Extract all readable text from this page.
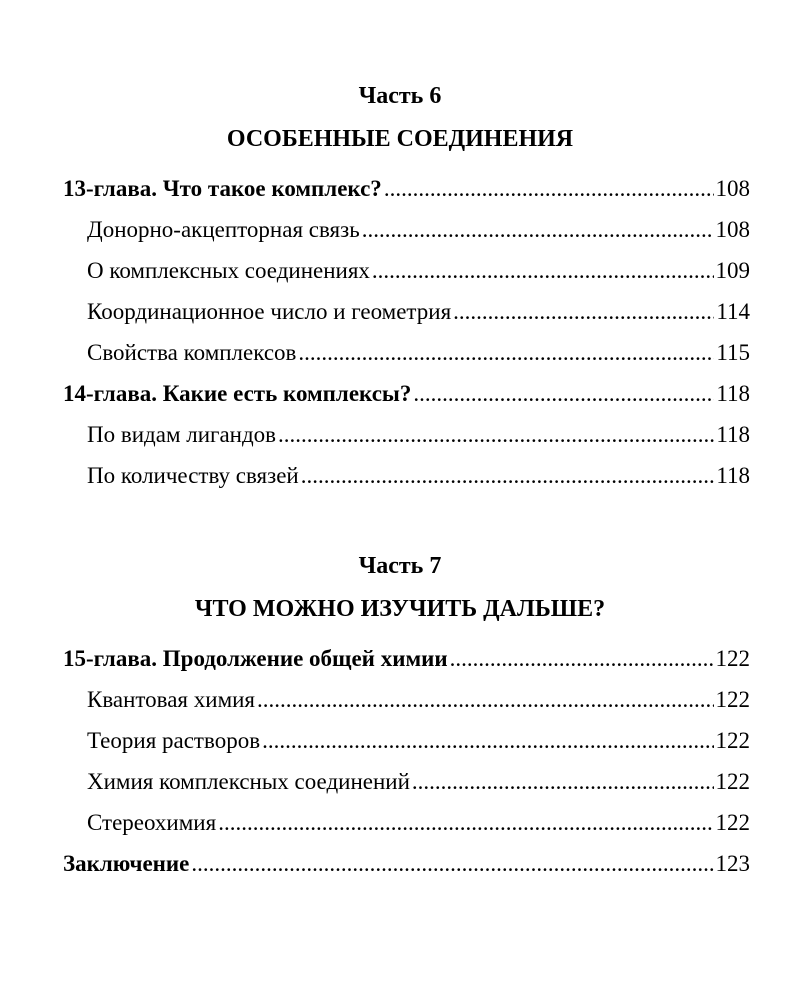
Часть 6
ОСОБЕННЫЕ СОЕДИНЕНИЯ
13-глава. Что такое комплекс? .....	108
Донорно-акцепторная связь .....	108
О комплексных соединениях .....	109
Координационное число и геометрия .....	114
Свойства комплексов .....	115
14-глава. Какие есть комплексы? .....	118
По видам лигандов .....	118
По количеству связей .....	118
Часть 7
ЧТО МОЖНО ИЗУЧИТЬ ДАЛЬШЕ?
15-глава. Продолжение общей химии .....	122
Квантовая химия .....	122
Теория растворов .....	122
Химия комплексных соединений .....	122
Стереохимия .....	122
Заключение .....	123
